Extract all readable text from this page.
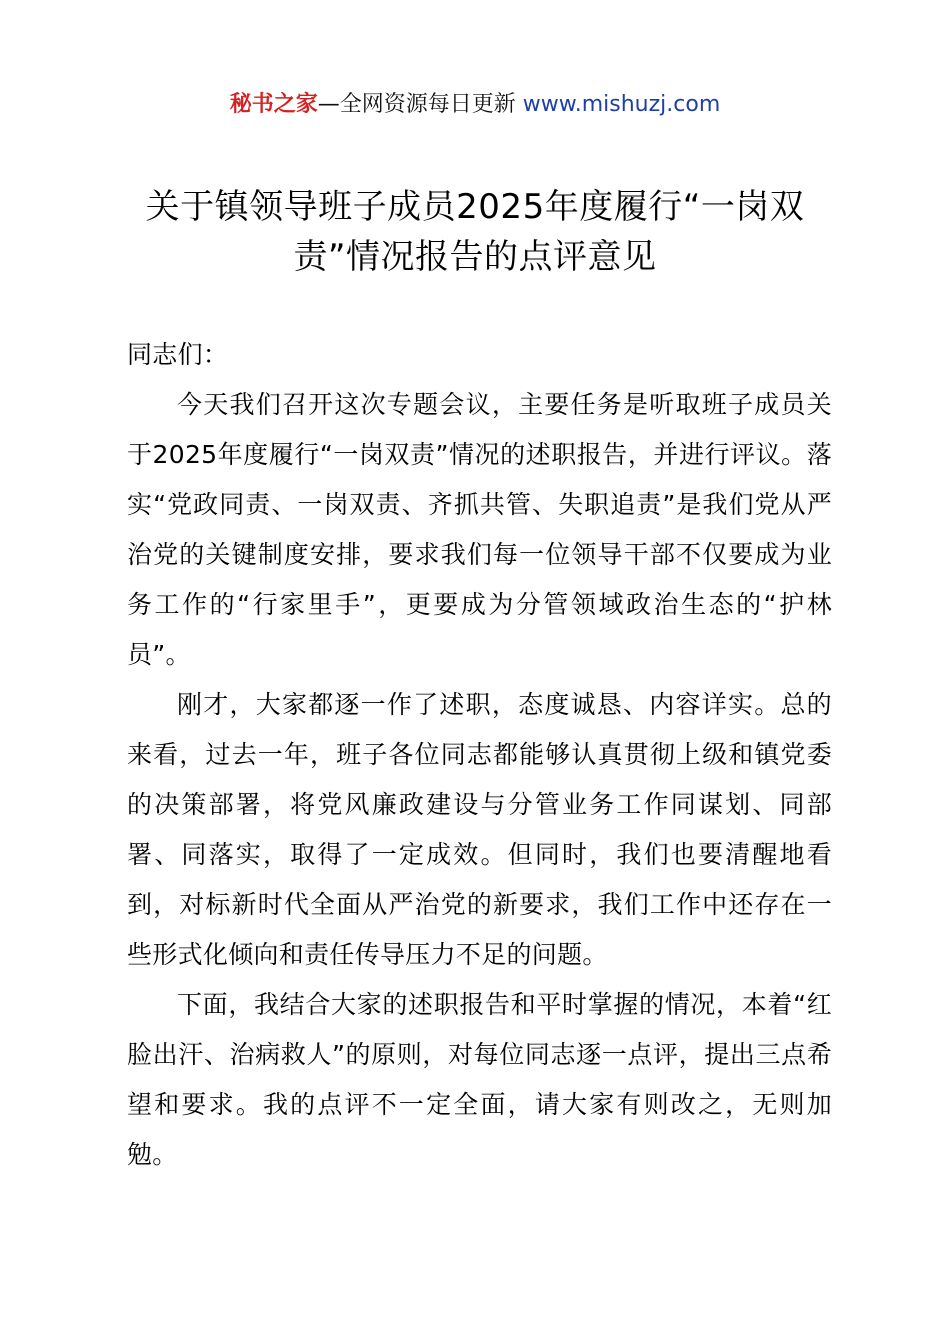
秘书之家—全网资源每日更新 www.mishuzj.com
关于镇领导班子成员2025年度履行“一岗双责”情况报告的点评意见

同志们：

今天我们召开这次专题会议，主要任务是听取班子成员关于2025年度履行“一岗双责”情况的述职报告，并进行评议。落实“党政同责、一岗双责、齐抓共管、失职追责”是我们党从严治党的关键制度安排，要求我们每一位领导干部不仅要成为业务工作的“行家里手”，更要成为分管领域政治生态的“护林员”。

刚才，大家都逐一作了述职，态度诚恳、内容详实。总的来看，过去一年，班子各位同志都能够认真贯彻上级和镇党委的决策部署，将党风廉政建设与分管业务工作同谋划、同部署、同落实，取得了一定成效。但同时，我们也要清醒地看到，对标新时代全面从严治党的新要求，我们工作中还存在一些形式化倾向和责任传导压力不足的问题。

下面，我结合大家的述职报告和平时掌握的情况，本着“红脸出汗、治病救人”的原则，对每位同志逐一点评，提出三点希望和要求。我的点评不一定全面，请大家有则改之，无则加勉。
